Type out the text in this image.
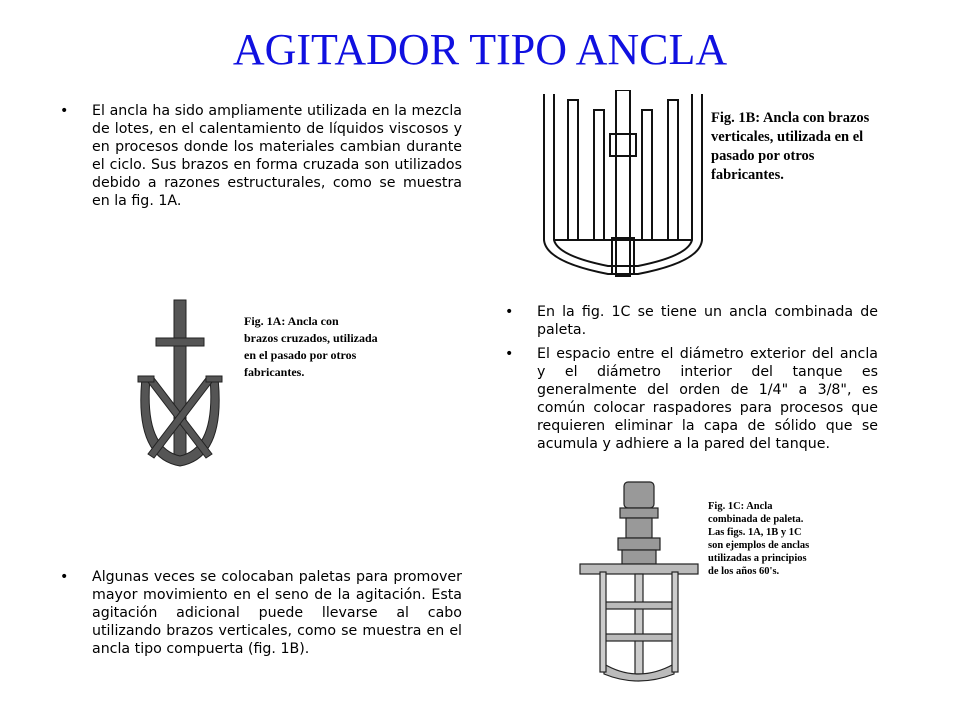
AGITADOR TIPO ANCLA
• El ancla ha sido ampliamente utilizada en la mezcla de lotes, en el calentamiento de líquidos viscosos y en procesos donde los materiales cambian durante el ciclo. Sus brazos en forma cruzada son utilizados debido a razones estructurales, como se muestra en la fig. 1A.
• Algunas veces se colocaban paletas para promover mayor movimiento en el seno de la agitación. Esta agitación adicional puede llevarse al cabo utilizando brazos verticales, como se muestra en el ancla tipo compuerta (fig. 1B).
• En la fig. 1C se tiene un ancla combinada de paleta.
• El espacio entre el diámetro exterior del ancla y el diámetro interior del tanque es generalmente del orden de 1/4" a 3/8", es común colocar raspadores para procesos que requieren eliminar la capa de sólido que se acumula y adhiere a la pared del tanque.
Fig. 1A: Ancla con
brazos cruzados, utilizada
en el pasado por otros
fabricantes.
Fig. 1B: Ancla con brazos
verticales, utilizada en el
pasado por otros
fabricantes.
Fig. 1C: Ancla
combinada de paleta.
Las figs. 1A, 1B y 1C
son ejemplos de anclas
utilizadas a principios
de los años 60's.
